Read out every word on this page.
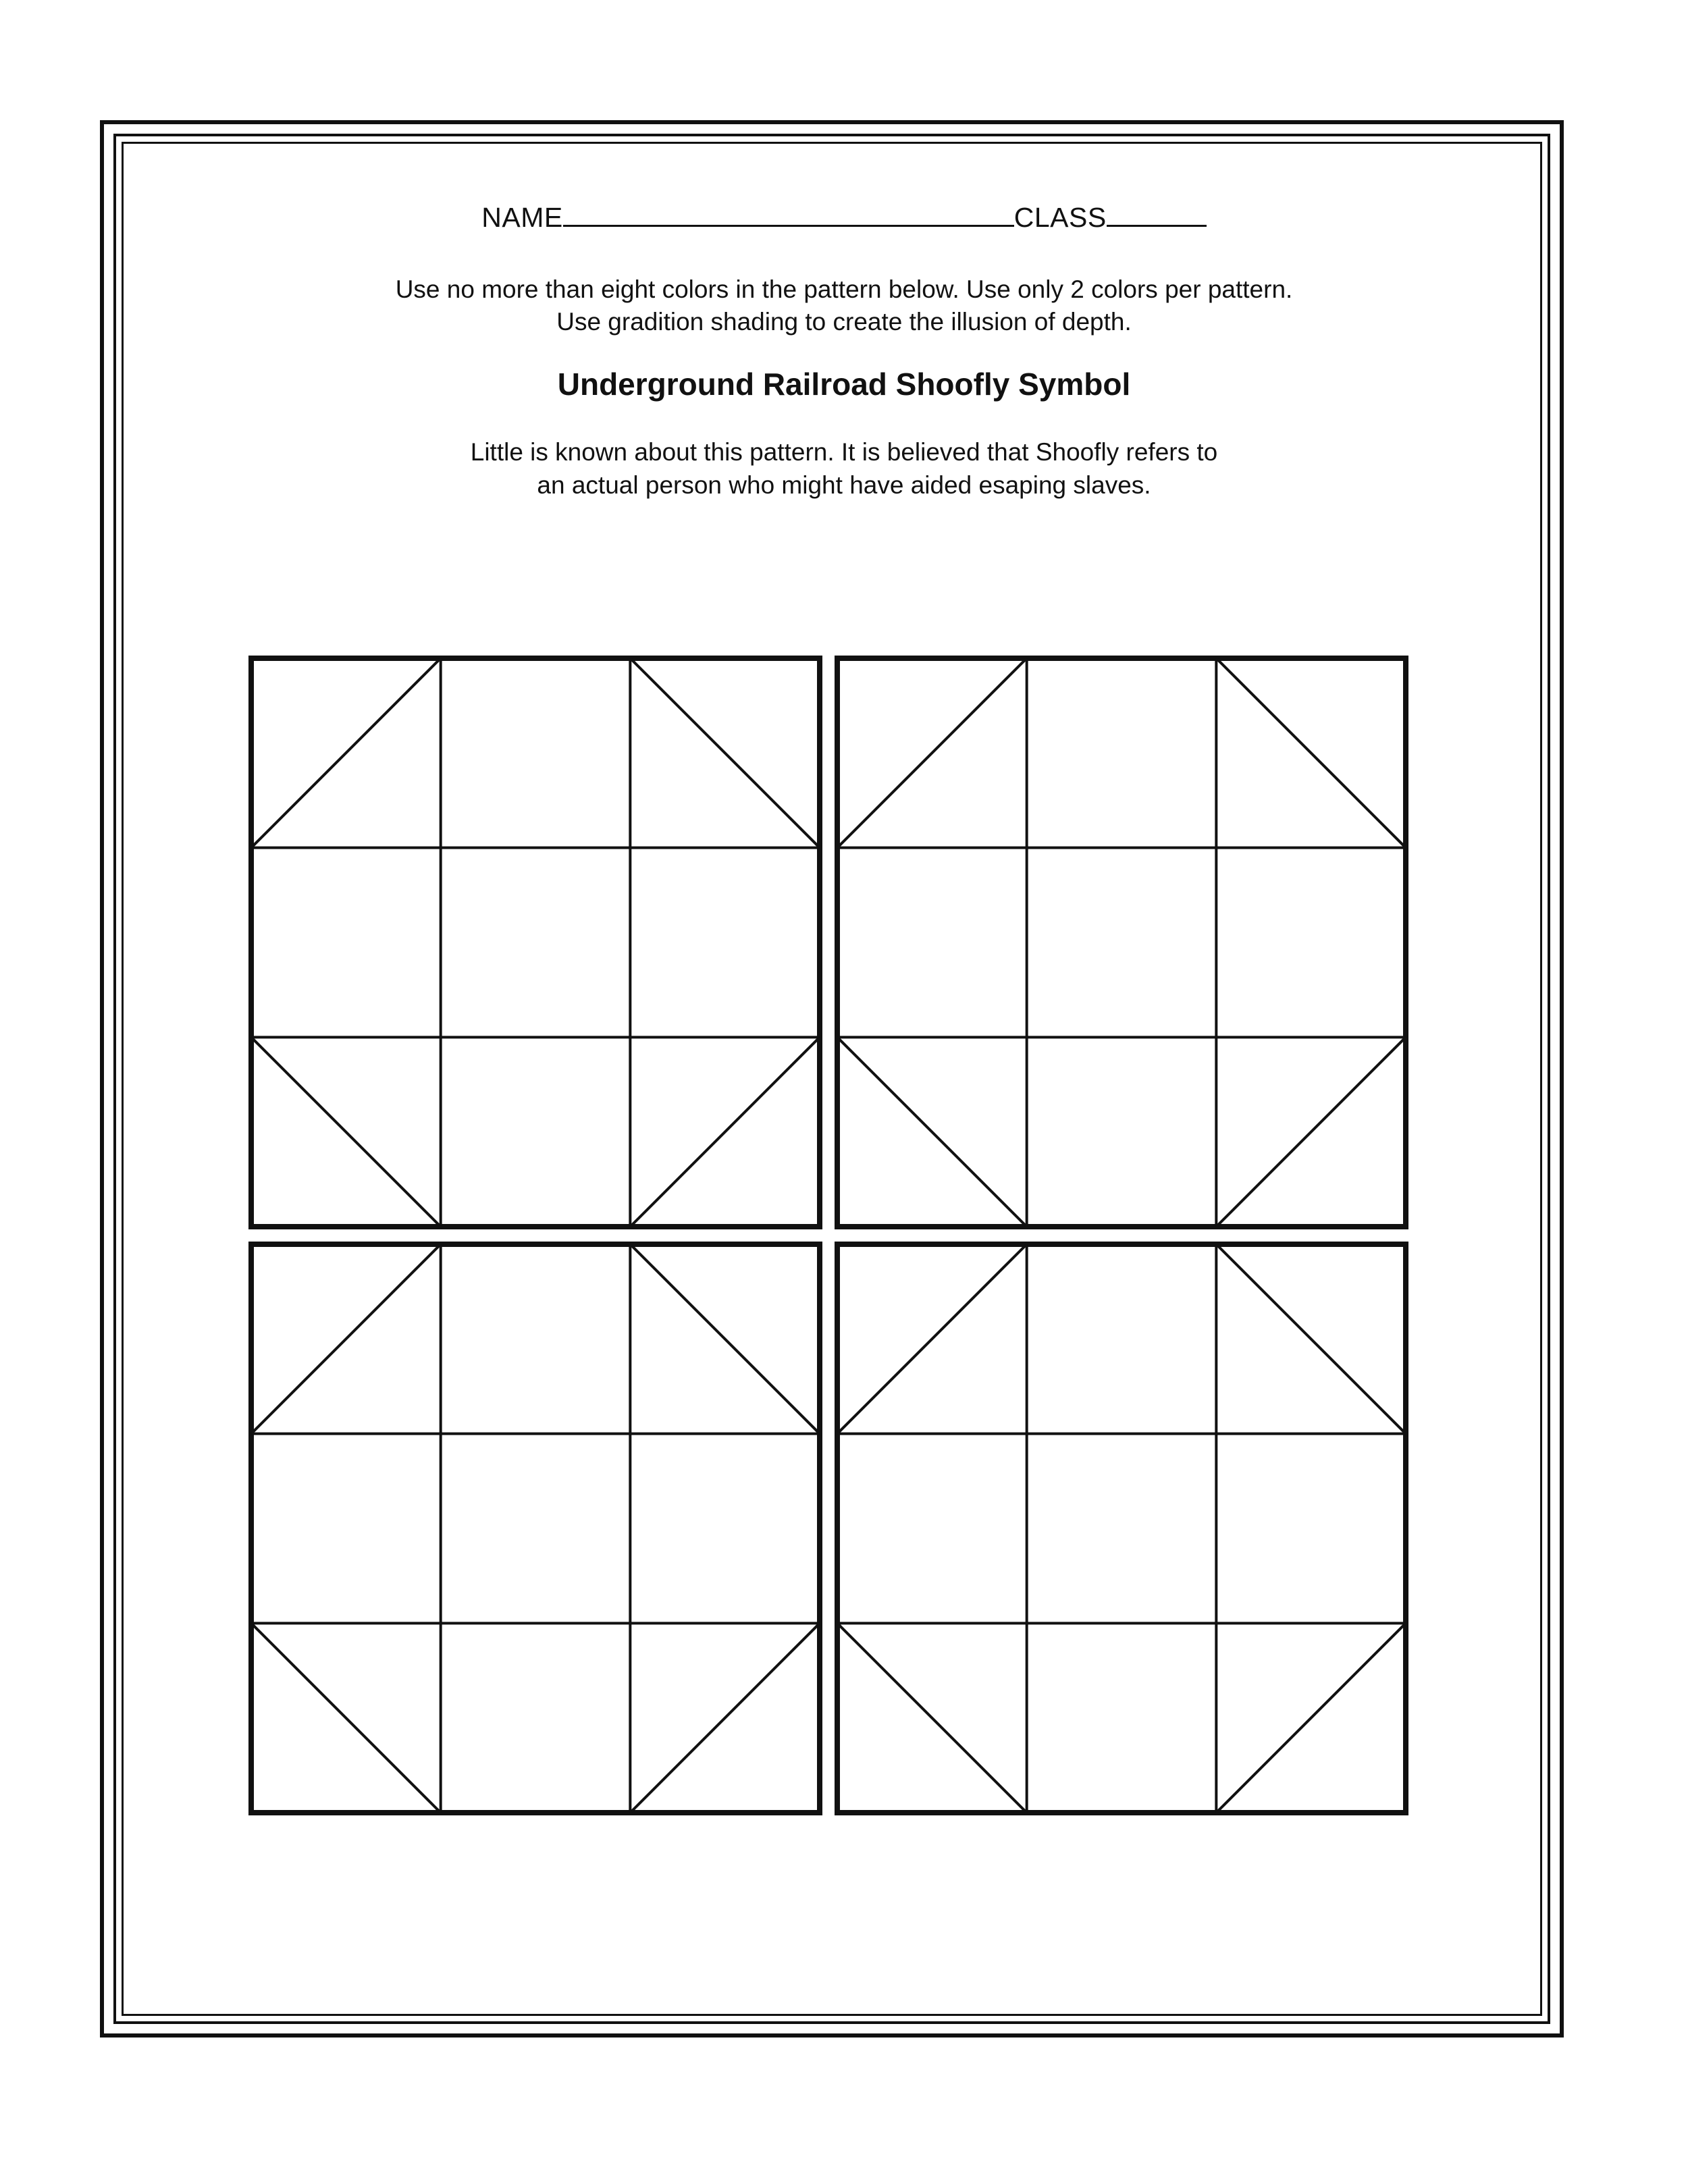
NAME	CLASS
Use no more than eight colors in the pattern below. Use only 2 colors per pattern.
Use gradition shading to create the illusion of depth.
Underground Railroad Shoofly Symbol
Little is known about this pattern. It is believed that Shoofly refers to
an actual person who might have aided esaping slaves.
